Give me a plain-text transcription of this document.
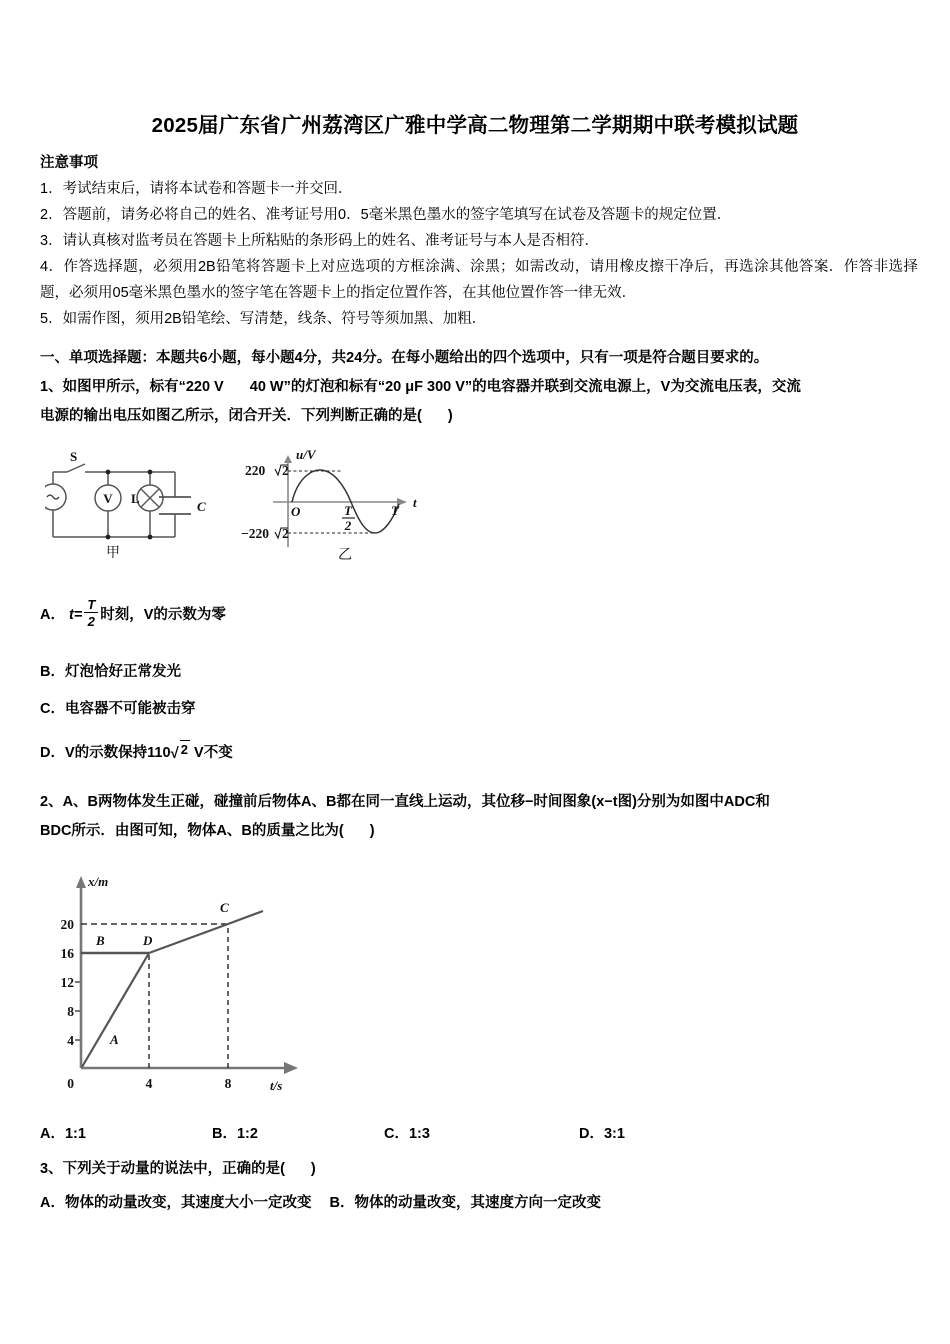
2025届广东省广州荔湾区广雅中学高二物理第二学期期中联考模拟试题
注意事项
1．考试结束后，请将本试卷和答题卡一并交回．
2．答题前，请务必将自己的姓名、准考证号用0．5毫米黑色墨水的签字笔填写在试卷及答题卡的规定位置．
3．请认真核对监考员在答题卡上所粘贴的条形码上的姓名、准考证号与本人是否相符．
4．作答选择题，必须用2B铅笔将答题卡上对应选项的方框涂满、涂黑；如需改动，请用橡皮擦干净后，再选涂其他答案．作答非选择题，必须用05毫米黑色墨水的签字笔在答题卡上的指定位置作答，在其他位置作答一律无效．
5．如需作图，须用2B铅笔绘、写清楚，线条、符号等须加黑、加粗．
一、单项选择题：本题共6小题，每小题4分，共24分。在每小题给出的四个选项中，只有一项是符合题目要求的。
1、如图甲所示，标有“220 V 40 W”的灯泡和标有“20 μF 300 V”的电容器并联到交流电源上，V为交流电压表，交流
电源的输出电压如图乙所示，闭合开关．下列判断正确的是( )
V
S
L
C
甲
u/V
t
O
220 2
−220 2
T
2
T
乙
A． $t= \frac{T}{2}$ 时刻，V的示数为零
B．灯泡恰好正常发光
C．电容器不可能被击穿
D．V的示数保持110√ 2 V不变
2、A、B两物体发生正碰，碰撞前后物体A、B都在同一直线上运动，其位移−时间图象(x−t图)分别为如图中ADC和
BDC所示．由图可知，物体A、B的质量之比为( )
20
16
12
8
4
0	4	8
x/m
t/s
A
B	D
C
A．1:1	B．1:2	C．1:3	D．3:1
3、下列关于动量的说法中，正确的是( )
A．物体的动量改变，其速度大小一定改变 B．物体的动量改变，其速度方向一定改变
